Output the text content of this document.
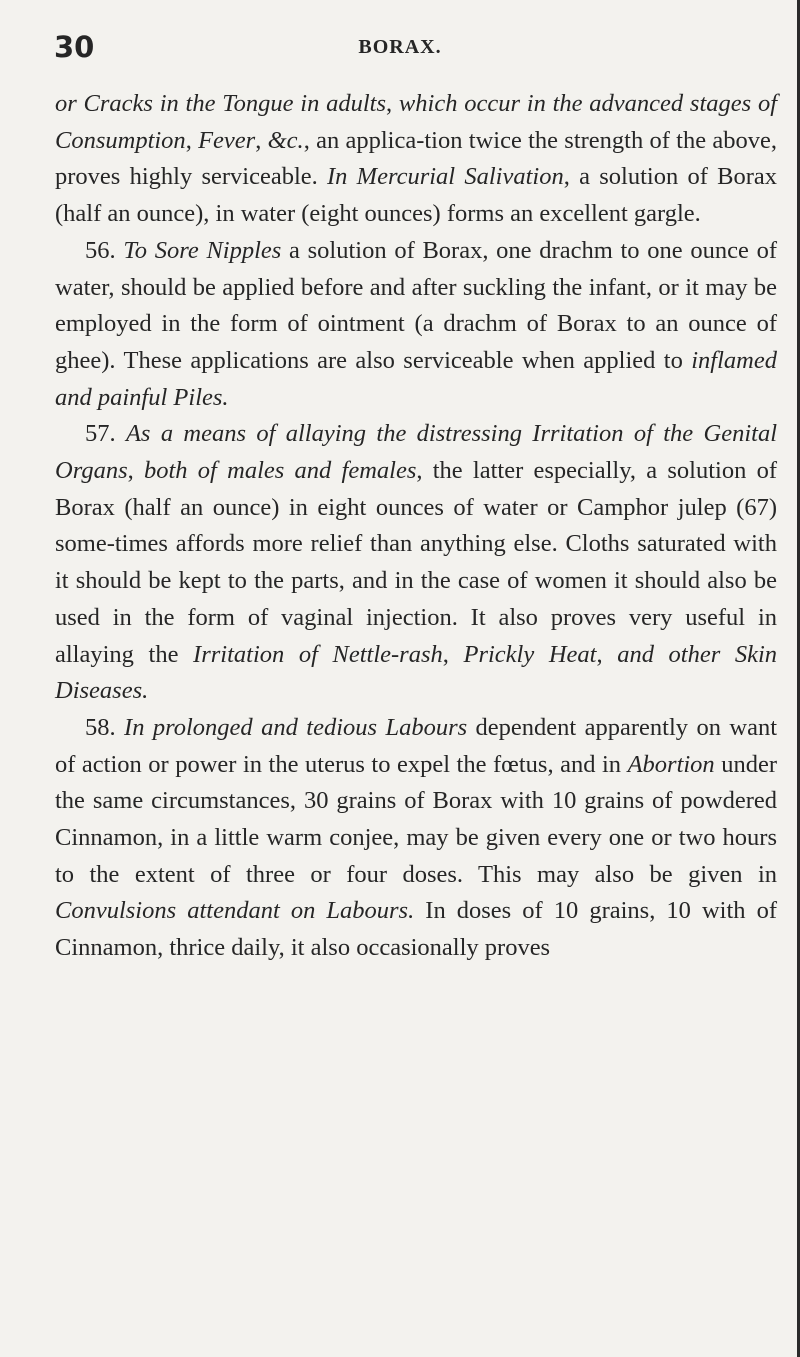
30	BORAX.

or Cracks in the Tongue in adults, which occur in the advanced stages of Consumption, Fever, &c., an applica-tion twice the strength of the above, proves highly serviceable. In Mercurial Salivation, a solution of Borax (half an ounce), in water (eight ounces) forms an excellent gargle.

56. To Sore Nipples a solution of Borax, one drachm to one ounce of water, should be applied before and after suckling the infant, or it may be employed in the form of ointment (a drachm of Borax to an ounce of ghee). These applications are also serviceable when applied to inflamed and painful Piles.

57. As a means of allaying the distressing Irritation of the Genital Organs, both of males and females, the latter especially, a solution of Borax (half an ounce) in eight ounces of water or Camphor julep (67) some-times affords more relief than anything else. Cloths saturated with it should be kept to the parts, and in the case of women it should also be used in the form of vaginal injection. It also proves very useful in allaying the Irritation of Nettle-rash, Prickly Heat, and other Skin Diseases.

58. In prolonged and tedious Labours dependent apparently on want of action or power in the uterus to expel the fœtus, and in Abortion under the same circumstances, 30 grains of Borax with 10 grains of powdered Cinnamon, in a little warm conjee, may be given every one or two hours to the extent of three or four doses. This may also be given in Convulsions attendant on Labours. In doses of 10 grains, 10 with of Cinnamon, thrice daily, it also occasionally proves
